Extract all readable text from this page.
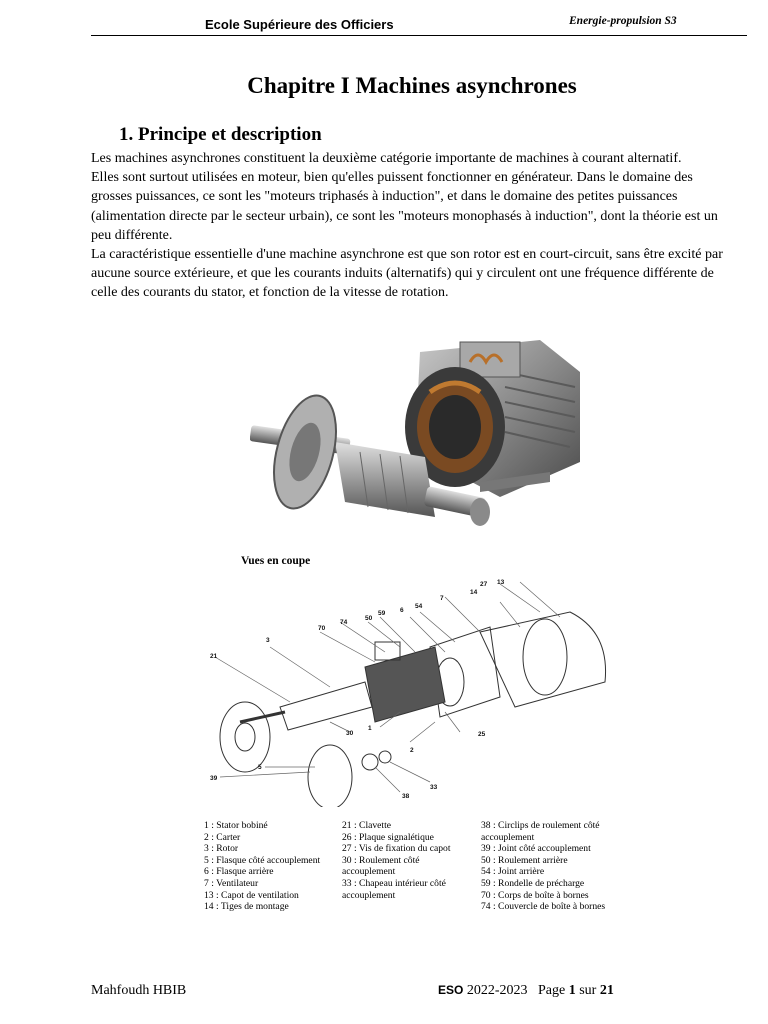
Ecole Supérieure des Officiers	Energie-propulsion S3
Chapitre I Machines asynchrones
1. Principe et description

Les machines asynchrones constituent la deuxième catégorie importante de machines à courant alternatif.

Elles sont surtout utilisées en moteur, bien qu'elles puissent fonctionner en générateur. Dans le domaine des grosses puissances, ce sont les "moteurs triphasés à induction", et dans le domaine des petites puissances (alimentation directe par le secteur urbain), ce sont les "moteurs monophasés à induction", dont la théorie est un peu différente.

La caractéristique essentielle d'une machine asynchrone est que son rotor est en court-circuit, sans être excité par aucune source extérieure, et que les courants induits (alternatifs) qui y circulent ont une fréquence différente de celle des courants du stator, et fonction de la vitesse de rotation.

Vues en coupe
13
27
14
7
54
6
59
50
74
70
3
21
1
2
25
30
5
39
38
33
1 : Stator bobiné
2 : Carter
3 : Rotor
5 : Flasque côté accouplement
6 : Flasque arrière
7 : Ventilateur
13 : Capot de ventilation
14 : Tiges de montage
21 : Clavette
26 : Plaque signalétique
27 : Vis de fixation du capot
30 : Roulement côté
accouplement
33 : Chapeau intérieur côté
accouplement
38 : Circlips de roulement côté
accouplement
39 : Joint côté accouplement
50 : Roulement arrière
54 : Joint arrière
59 : Rondelle de précharge
70 : Corps de boîte à bornes
74 : Couvercle de boîte à bornes
Mahfoudh HBIB	ESO 2022-2023 Page 1 sur 21
